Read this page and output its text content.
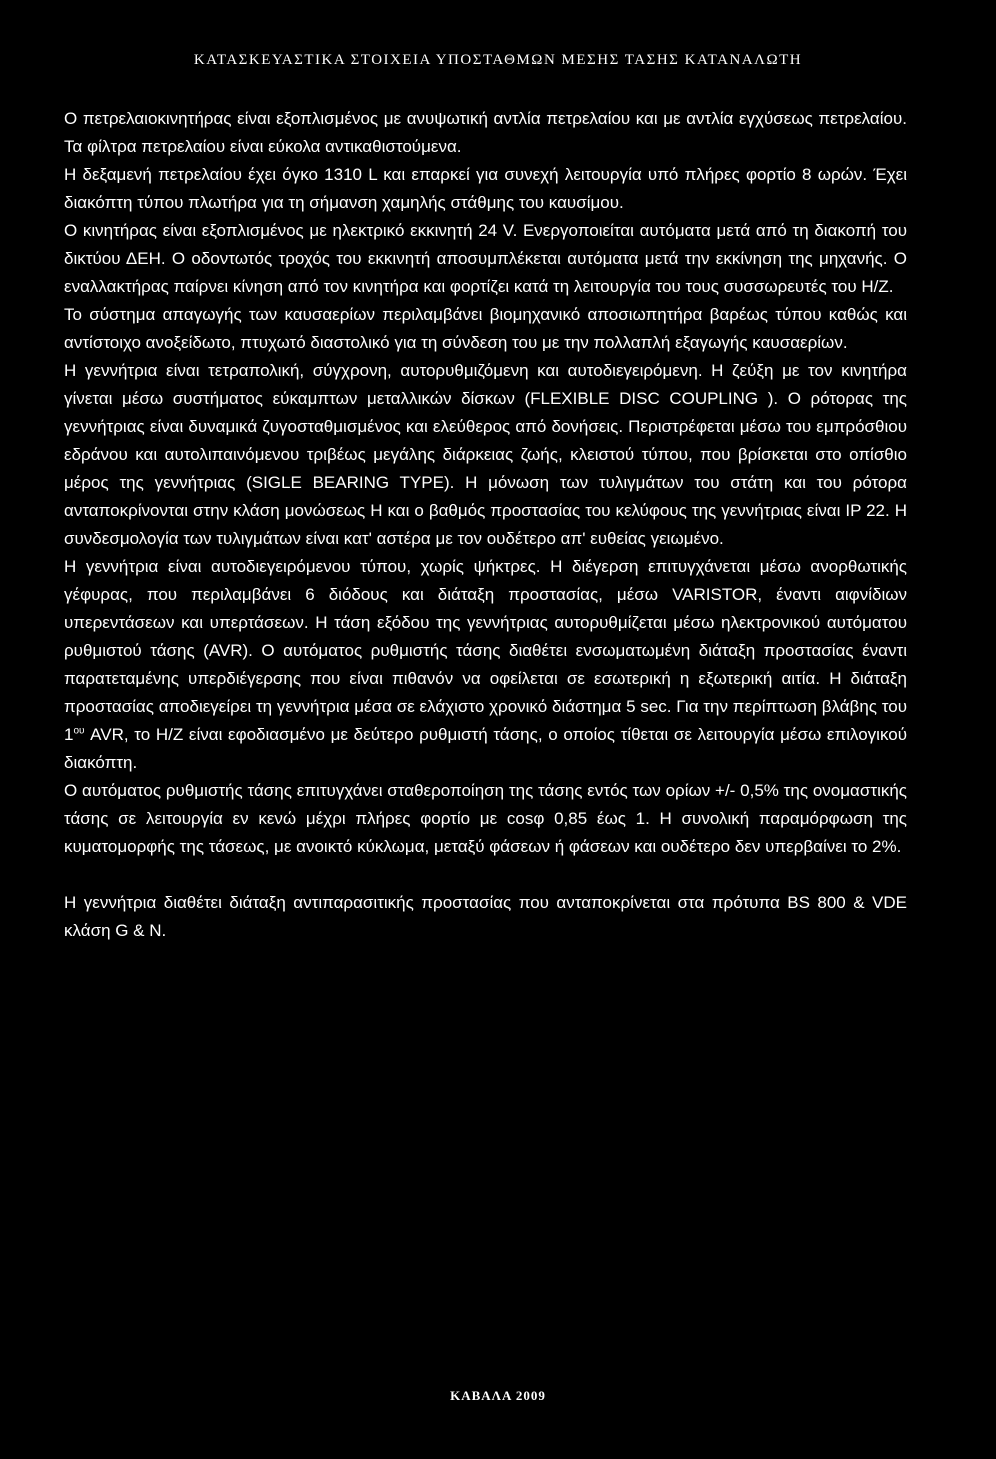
ΚΑΤΑΣΚΕΥΑΣΤΙΚΑ ΣΤΟΙΧΕΙΑ ΥΠΟΣΤΑΘΜΩΝ ΜΕΣΗΣ ΤΑΣΗΣ ΚΑΤΑΝΑΛΩΤΗ

Ο πετρελαιοκινητήρας είναι εξοπλισμένος με ανυψωτική αντλία πετρελαίου και με αντλία εγχύσεως πετρελαίου. Τα φίλτρα πετρελαίου είναι εύκολα αντικαθιστούμενα.

Η δεξαμενή πετρελαίου έχει όγκο 1310 L και επαρκεί για συνεχή λειτουργία υπό πλήρες φορτίο 8 ωρών. Έχει διακόπτη τύπου πλωτήρα για τη σήμανση χαμηλής στάθμης του καυσίμου.

Ο κινητήρας είναι εξοπλισμένος με ηλεκτρικό εκκινητή 24 V. Ενεργοποιείται αυτόματα μετά από τη διακοπή του δικτύου ΔΕΗ. Ο οδοντωτός τροχός του εκκινητή αποσυμπλέκεται αυτόματα μετά την εκκίνηση της μηχανής. Ο εναλλακτήρας παίρνει κίνηση από τον κινητήρα και φορτίζει κατά τη λειτουργία του τους συσσωρευτές του Η/Ζ.

Το σύστημα απαγωγής των καυσαερίων περιλαμβάνει βιομηχανικό αποσιωπητήρα βαρέως τύπου καθώς και αντίστοιχο ανοξείδωτο, πτυχωτό διαστολικό για τη σύνδεση του με την πολλαπλή εξαγωγής καυσαερίων.

Η γεννήτρια είναι τετραπολική, σύγχρονη, αυτορυθμιζόμενη και αυτοδιεγειρόμενη. Η ζεύξη με τον κινητήρα γίνεται μέσω συστήματος εύκαμπτων μεταλλικών δίσκων (FLEXIBLE DISC COUPLING ). Ο ρότορας της γεννήτριας είναι δυναμικά ζυγοσταθμισμένος και ελεύθερος από δονήσεις. Περιστρέφεται μέσω του εμπρόσθιου εδράνου και αυτολιπαινόμενου τριβέως μεγάλης διάρκειας ζωής, κλειστού τύπου, που βρίσκεται στο οπίσθιο μέρος της γεννήτριας (SIGLE BEARING TYPE). Η μόνωση των τυλιγμάτων του στάτη και του ρότορα ανταποκρίνονται στην κλάση μονώσεως Η και ο βαθμός προστασίας του κελύφους της γεννήτριας είναι IP 22. Η συνδεσμολογία των τυλιγμάτων είναι κατ' αστέρα με τον ουδέτερο απ' ευθείας γειωμένο.

Η γεννήτρια είναι αυτοδιεγειρόμενου τύπου, χωρίς ψήκτρες. Η διέγερση επιτυγχάνεται μέσω ανορθωτικής γέφυρας, που περιλαμβάνει 6 διόδους και διάταξη προστασίας, μέσω VARISTOR, έναντι αιφνίδιων υπερεντάσεων και υπερτάσεων. Η τάση εξόδου της γεννήτριας αυτορυθμίζεται μέσω ηλεκτρονικού αυτόματου ρυθμιστού τάσης (AVR). Ο αυτόματος ρυθμιστής τάσης διαθέτει ενσωματωμένη διάταξη προστασίας έναντι παρατεταμένης υπερδιέγερσης που είναι πιθανόν να οφείλεται σε εσωτερική η εξωτερική αιτία. Η διάταξη προστασίας αποδιεγείρει τη γεννήτρια μέσα σε ελάχιστο χρονικό διάστημα 5 sec. Για την περίπτωση βλάβης του $1^{o\upsilon}$ AVR, το Η/Ζ είναι εφοδιασμένο με δεύτερο ρυθμιστή τάσης, ο οποίος τίθεται σε λειτουργία μέσω επιλογικού διακόπτη.

Ο αυτόματος ρυθμιστής τάσης επιτυγχάνει σταθεροποίηση της τάσης εντός των ορίων +/- 0,5% της ονομαστικής τάσης σε λειτουργία εν κενώ μέχρι πλήρες φορτίο με cosφ 0,85 έως 1. Η συνολική παραμόρφωση της κυματομορφής της τάσεως, με ανοικτό κύκλωμα, μεταξύ φάσεων ή φάσεων και ουδέτερο δεν υπερβαίνει το 2%.

Η γεννήτρια διαθέτει διάταξη αντιπαρασιτικής προστασίας που ανταποκρίνεται στα πρότυπα BS 800 & VDE κλάση G & Ν.

ΚΑΒΑΛΑ 2009
